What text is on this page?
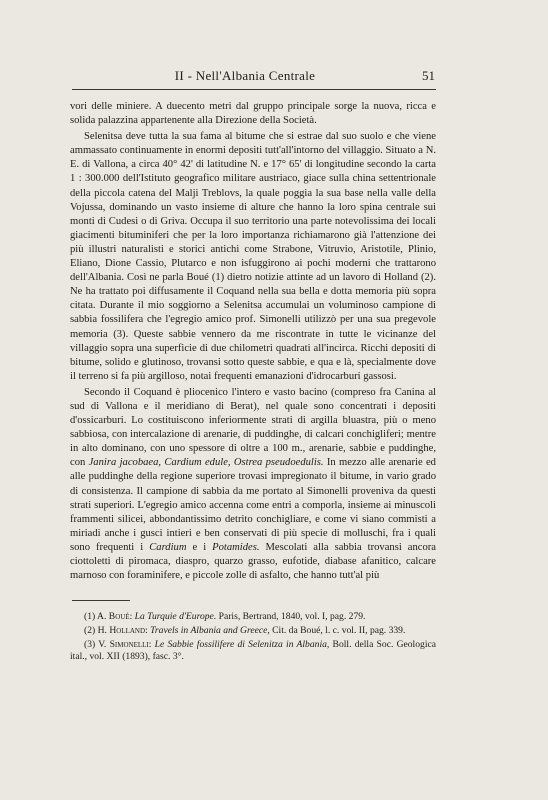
II - Nell'Albania Centrale	51

vori delle miniere. A duecento metri dal gruppo principale sorge la nuova, ricca e solida palazzina appartenente alla Direzione della Società.

Selenitsa deve tutta la sua fama al bitume che si estrae dal suo suolo e che viene ammassato continuamente in enormi depositi tutt'all'intorno del villaggio. Situato a N. E. di Vallona, a circa 40° 42' di latitudine N. e 17° 65' di longitudine secondo la carta 1 : 300.000 dell'Istituto geografico militare austriaco, giace sulla china settentrionale della piccola catena del Malji Treblovs, la quale poggia la sua base nella valle della Vojussa, dominando un vasto insieme di alture che hanno la loro spina centrale sui monti di Cudesi o di Griva. Occupa il suo territorio una parte notevolissima dei locali giacimenti bituminiferi che per la loro importanza richiamarono già l'attenzione dei più illustri naturalisti e storici antichi come Strabone, Vitruvio, Aristotile, Plinio, Eliano, Dione Cassio, Plutarco e non isfuggirono ai pochi moderni che trattarono dell'Albania. Così ne parla Boué (1) dietro notizie attinte ad un lavoro di Holland (2). Ne ha trattato poi diffusamente il Coquand nella sua bella e dotta memoria più sopra citata. Durante il mio soggiorno a Selenitsa accumulai un voluminoso campione di sabbia fossilifera che l'egregio amico prof. Simonelli utilizzò per una sua pregevole memoria (3). Queste sabbie vennero da me riscontrate in tutte le vicinanze del villaggio sopra una superficie di due chilometri quadrati all'incirca. Ricchi depositi di bitume, solido e glutinoso, trovansi sotto queste sabbie, e qua e là, specialmente dove il terreno si fa più argilloso, notai frequenti emanazioni d'idrocarburi gassosi.

Secondo il Coquand è pliocenico l'intero e vasto bacino (compreso fra Canina al sud di Vallona e il meridiano di Berat), nel quale sono concentrati i depositi d'ossicarburi. Lo costituiscono inferiormente strati di argilla bluastra, più o meno sabbiosa, con intercalazione di arenarie, di puddinghe, di calcari conchigliferi; mentre in alto dominano, con uno spessore di oltre a 100 m., arenarie, sabbie e puddinghe, con Janira jacobaea, Cardium edule, Ostrea pseudoedulis. In mezzo alle arenarie ed alle puddinghe della regione superiore trovasi impregionato il bitume, in vario grado di consistenza. Il campione di sabbia da me portato al Simonelli proveniva da questi strati superiori. L'egregio amico accenna come entri a comporla, insieme ai minuscoli frammenti silicei, abbondantissimo detrito conchigliare, e come vi siano commisti a miriadi anche i gusci intieri e ben conservati di più specie di molluschi, fra i quali sono frequenti i Cardium e i Potamides. Mescolati alla sabbia trovansi ancora ciottoletti di piromaca, diaspro, quarzo grasso, eufotide, diabase afanitico, calcare marnoso con foraminifere, e piccole zolle di asfalto, che hanno tutt'al più

(1) A. Boué: La Turquie d'Europe. Paris, Bertrand, 1840, vol. I, pag. 279.

(2) H. Holland: Travels in Albania and Greece, Cit. da Boué, l. c. vol. II, pag. 339.

(3) V. Simonelli: Le Sabbie fossilifere di Selenitza in Albania, Boll. della Soc. Geologica ital., vol. XII (1893), fasc. 3°.
